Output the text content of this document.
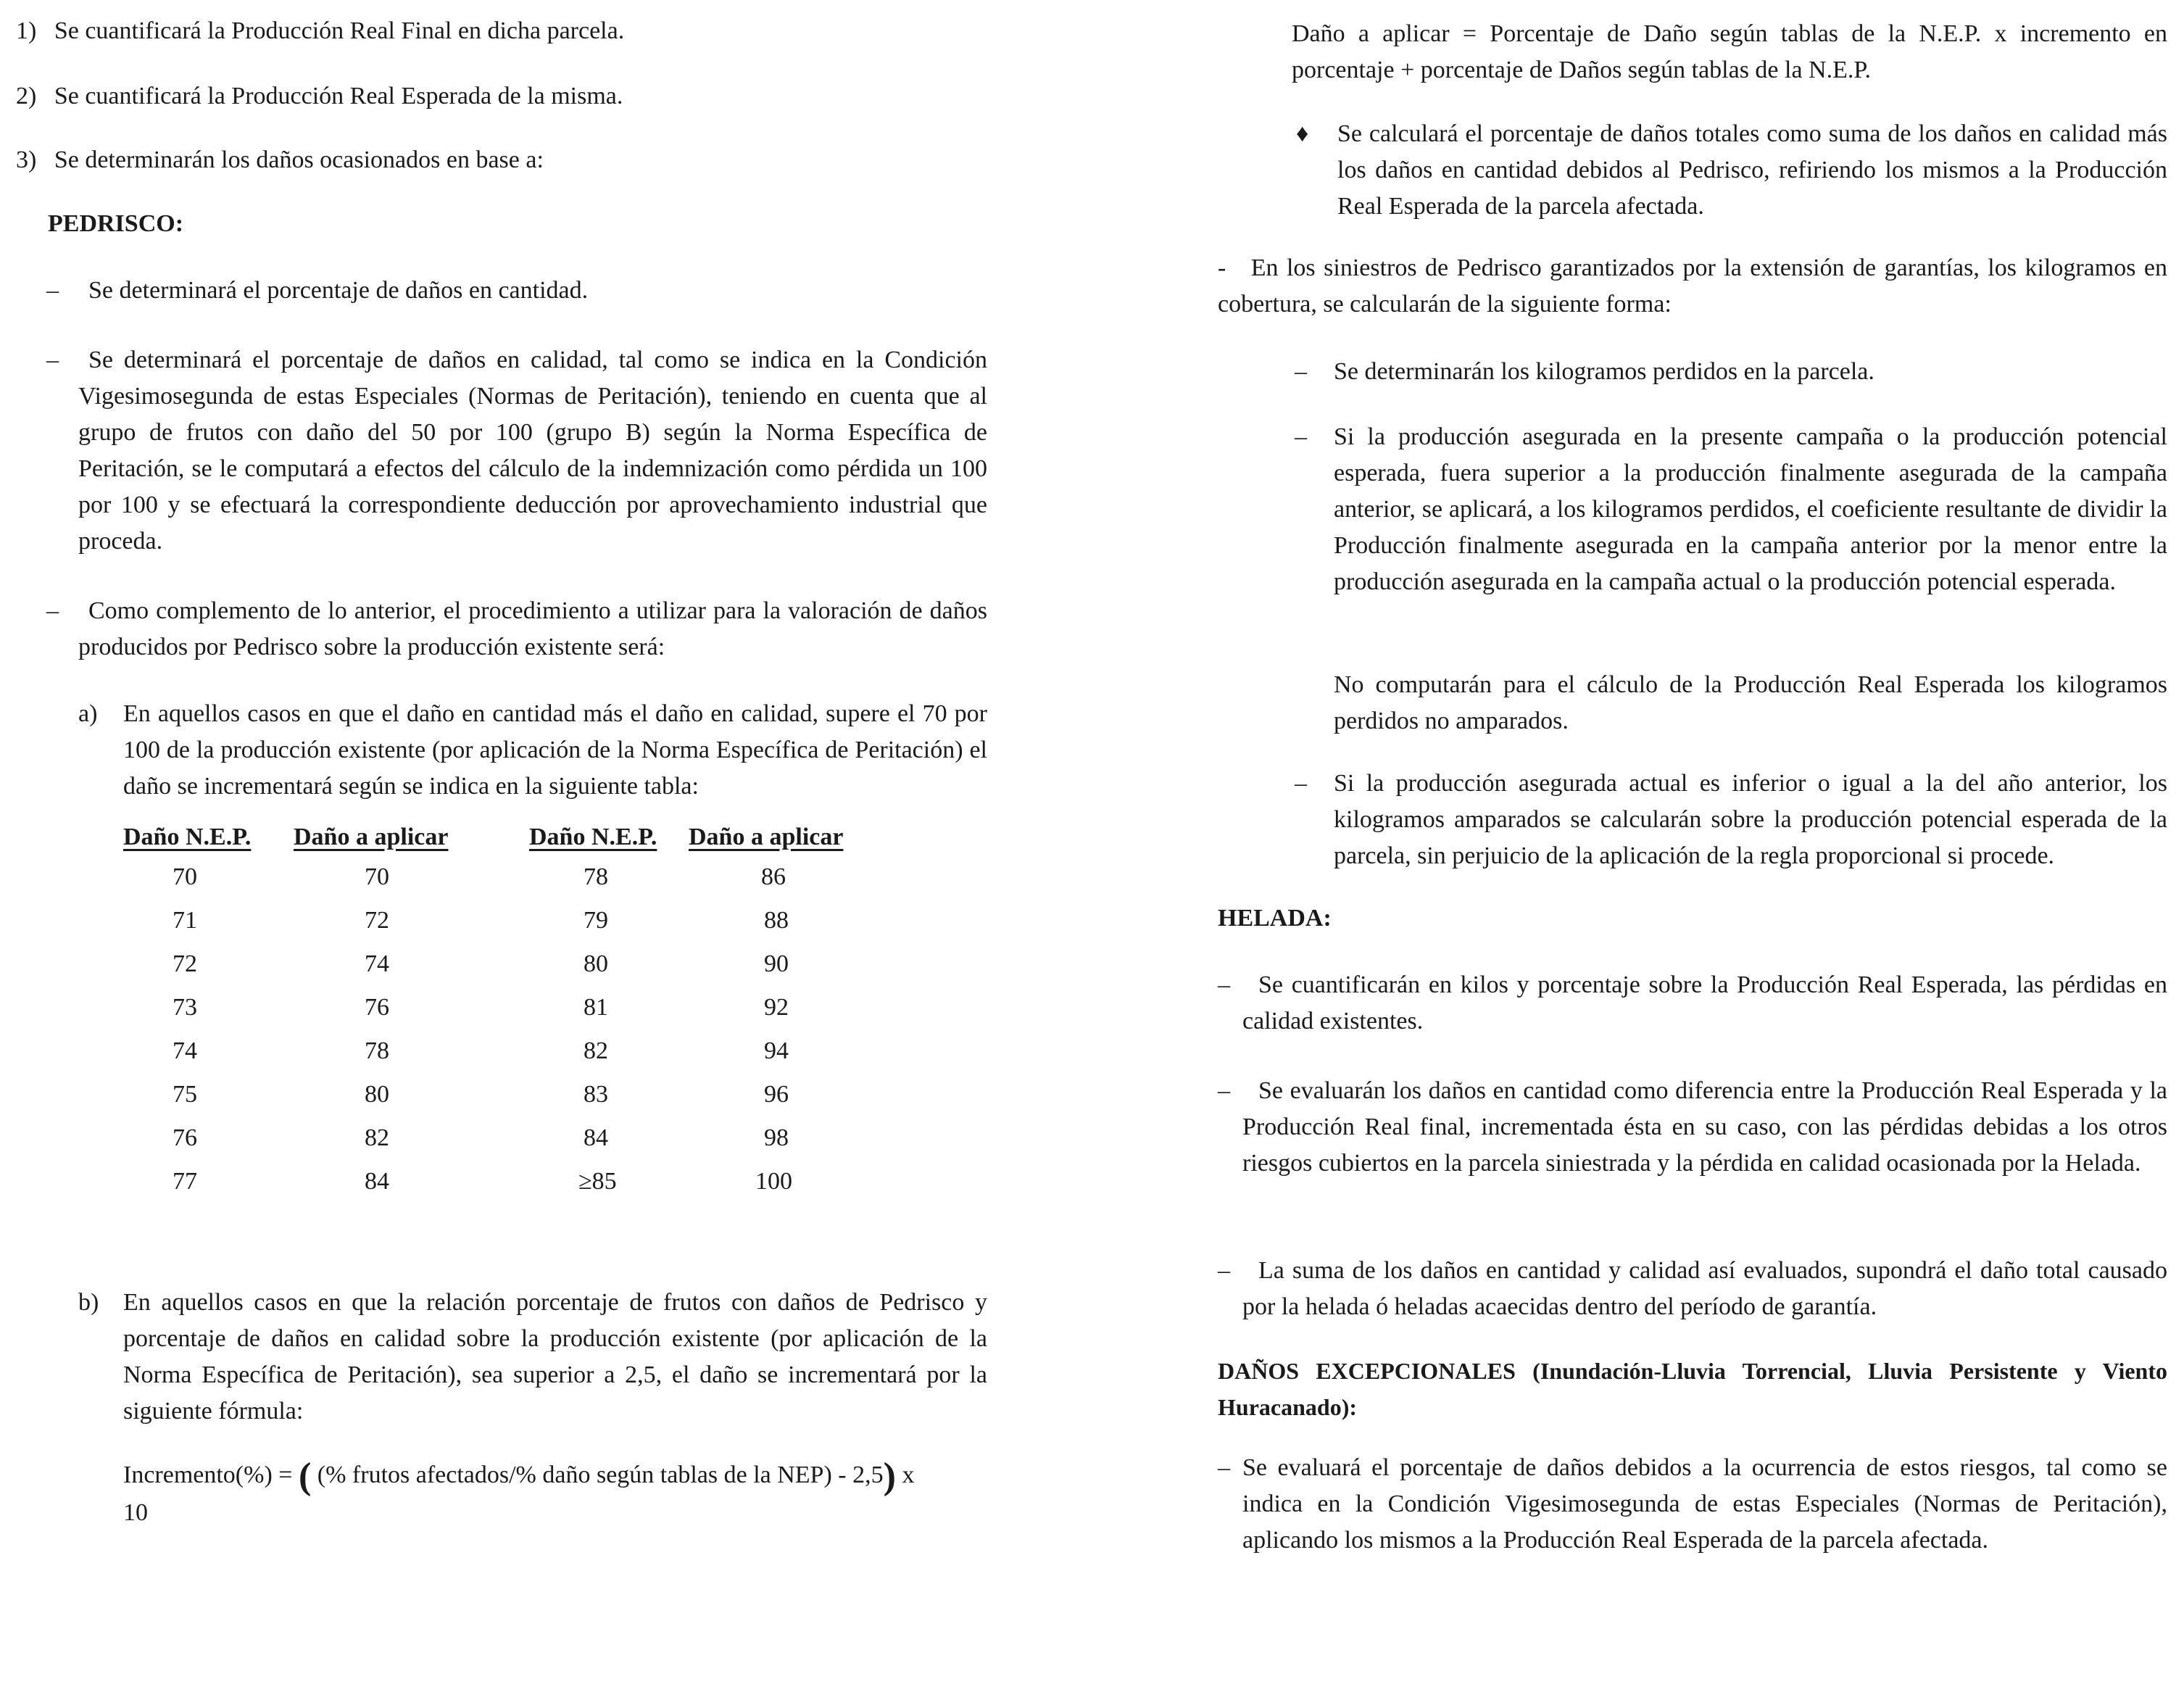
1) Se cuantificará la Producción Real Final en dicha parcela.
2) Se cuantificará la Producción Real Esperada de la misma.
3) Se determinarán los daños ocasionados en base a:
PEDRISCO:
– Se determinará el porcentaje de daños en cantidad.
–	Se determinará el porcentaje de daños en calidad, tal como se indica en la Condición Vigesimosegunda de estas Especiales (Normas de Peritación), teniendo en cuenta que al grupo de frutos con daño del 50 por 100 (grupo B) según la Norma Específica de Peritación, se le computará a efectos del cálculo de la indemnización como pérdida un 100 por 100 y se efectuará la correspondiente deducción por aprovechamiento industrial que proceda.
–	Como complemento de lo anterior, el procedimiento a utilizar para la valoración de daños producidos por Pedrisco sobre la producción existente será:
a) En aquellos casos en que el daño en cantidad más el daño en calidad, supere el 70 por 100 de la producción existente (por aplicación de la Norma Específica de Peritación) el daño se incrementará según se indica en la siguiente tabla:
Daño N.E.P.	Daño a aplicar	Daño N.E.P.	Daño a aplicar
70	70	78	86
71	72	79	88
72	74	80	90
73	76	81	92
74	78	82	94
75	80	83	96
76	82	84	98
77	84	≥85	100
b) En aquellos casos en que la relación porcentaje de frutos con daños de Pedrisco y porcentaje de daños en calidad sobre la producción existente (por aplicación de la Norma Específica de Peritación), sea superior a 2,5, el daño se incrementará por la siguiente fórmula:
Incremento(%) = ( (% frutos afectados/% daño según tablas de la NEP) - 2,5) x
10
Daño a aplicar = Porcentaje de Daño según tablas de la N.E.P. x incremento en porcentaje + porcentaje de Daños según tablas de la N.E.P.
♦ Se calculará el porcentaje de daños totales como suma de los daños en calidad más los daños en cantidad debidos al Pedrisco, refiriendo los mismos a la Producción Real Esperada de la parcela afectada.
- En los siniestros de Pedrisco garantizados por la extensión de garantías, los kilogramos en cobertura, se calcularán de la siguiente forma:
– Se determinarán los kilogramos perdidos en la parcela.
– Si la producción asegurada en la presente campaña o la producción potencial esperada, fuera superior a la producción finalmente asegurada de la campaña anterior, se aplicará, a los kilogramos perdidos, el coeficiente resultante de dividir la Producción finalmente asegurada en la campaña anterior por la menor entre la producción asegurada en la campaña actual o la producción potencial esperada.
No computarán para el cálculo de la Producción Real Esperada los kilogramos perdidos no amparados.
– Si la producción asegurada actual es inferior o igual a la del año anterior, los kilogramos amparados se calcularán sobre la producción potencial esperada de la parcela, sin perjuicio de la aplicación de la regla proporcional si procede.
HELADA:
–	Se cuantificarán en kilos y porcentaje sobre la Producción Real Esperada, las pérdidas en calidad existentes.
–	Se evaluarán los daños en cantidad como diferencia entre la Producción Real Esperada y la Producción Real final, incrementada ésta en su caso, con las pérdidas debidas a los otros riesgos cubiertos en la parcela siniestrada y la pérdida en calidad ocasionada por la Helada.
–	La suma de los daños en cantidad y calidad así evaluados, supondrá el daño total causado por la helada ó heladas acaecidas dentro del período de garantía.
DAÑOS EXCEPCIONALES (Inundación-Lluvia Torrencial, Lluvia Persistente y Viento Huracanado):
– Se evaluará el porcentaje de daños debidos a la ocurrencia de estos riesgos, tal como se indica en la Condición Vigesimosegunda de estas Especiales (Normas de Peritación), aplicando los mismos a la Producción Real Esperada de la parcela afectada.
